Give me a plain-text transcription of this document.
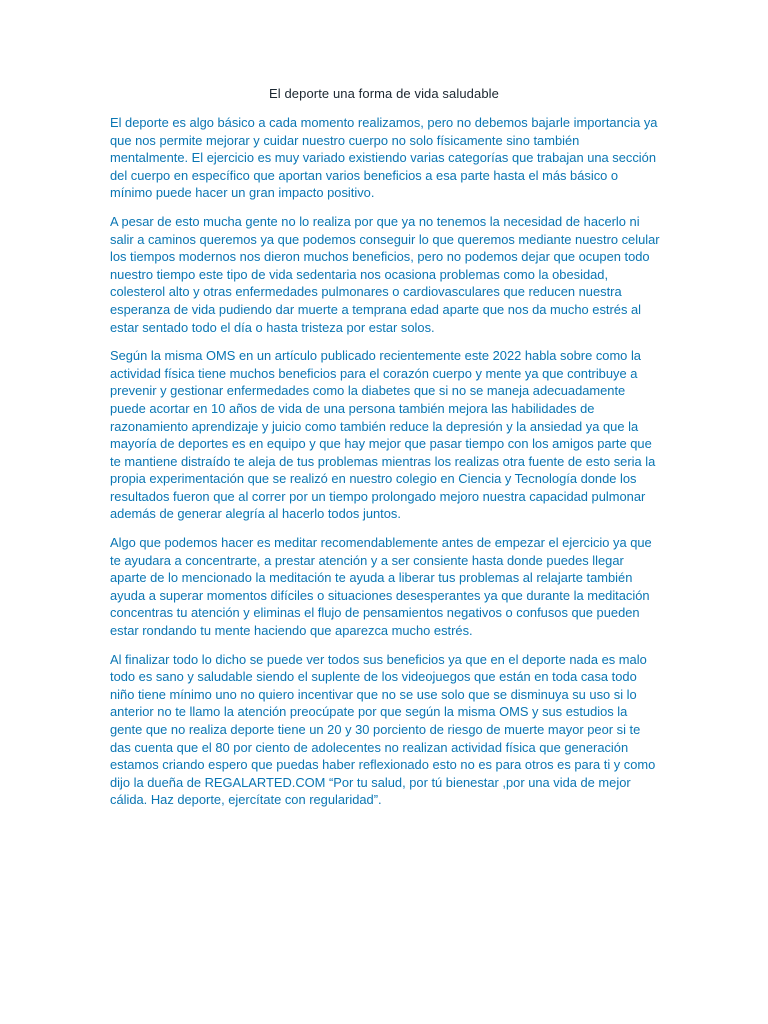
El deporte una forma de vida saludable

El deporte es algo básico a cada momento realizamos, pero no debemos bajarle importancia ya que nos permite mejorar y cuidar nuestro cuerpo no solo físicamente sino también mentalmente. El ejercicio es muy variado existiendo varias categorías que trabajan una sección del cuerpo en específico que aportan varios beneficios a esa parte hasta el más básico o mínimo puede hacer un gran impacto positivo.

A pesar de esto mucha gente no lo realiza por que ya no tenemos la necesidad de hacerlo ni salir a caminos queremos ya que podemos conseguir lo que queremos mediante nuestro celular los tiempos modernos nos dieron muchos beneficios, pero no podemos dejar que ocupen todo nuestro tiempo este tipo de vida sedentaria nos ocasiona problemas como la obesidad, colesterol alto y otras enfermedades pulmonares o cardiovasculares que reducen nuestra esperanza de vida pudiendo dar muerte a temprana edad aparte que nos da mucho estrés al estar sentado todo el día o hasta tristeza por estar solos.

Según la misma OMS en un artículo publicado recientemente este 2022 habla sobre como la actividad física tiene muchos beneficios para el corazón cuerpo y mente ya que contribuye a prevenir y gestionar enfermedades como la diabetes que si no se maneja adecuadamente puede acortar en 10 años de vida de una persona también mejora las habilidades de razonamiento aprendizaje y juicio como también reduce la depresión y la ansiedad ya que la mayoría de deportes es en equipo y que hay mejor que pasar tiempo con los amigos parte que te mantiene distraído te aleja de tus problemas mientras los realizas otra fuente de esto seria la propia experimentación que se realizó en nuestro colegio en Ciencia y Tecnología donde los resultados fueron que al correr por un tiempo prolongado mejoro nuestra capacidad pulmonar además de generar alegría al hacerlo todos juntos.

Algo que podemos hacer es meditar recomendablemente antes de empezar el ejercicio ya que te ayudara a concentrarte, a prestar atención y a ser consiente hasta donde puedes llegar aparte de lo mencionado la meditación te ayuda a liberar tus problemas al relajarte también ayuda a superar momentos difíciles o situaciones desesperantes ya que durante la meditación concentras tu atención y eliminas el flujo de pensamientos negativos o confusos que pueden estar rondando tu mente haciendo que aparezca mucho estrés.

Al finalizar todo lo dicho se puede ver todos sus beneficios ya que en el deporte nada es malo todo es sano y saludable siendo el suplente de los videojuegos que están en toda casa todo niño tiene mínimo uno no quiero incentivar que no se use solo que se disminuya su uso si lo anterior no te llamo la atención preocúpate por que según la misma OMS y sus estudios la gente que no realiza deporte tiene un 20 y 30 porciento de riesgo de muerte mayor peor si te das cuenta que el 80 por ciento de adolecentes no realizan actividad física que generación estamos criando espero que puedas haber reflexionado esto no es para otros es para ti y como dijo la dueña de REGALARTED.COM “Por tu salud, por tú bienestar ,por una vida de mejor cálida. Haz deporte, ejercítate con regularidad”.
